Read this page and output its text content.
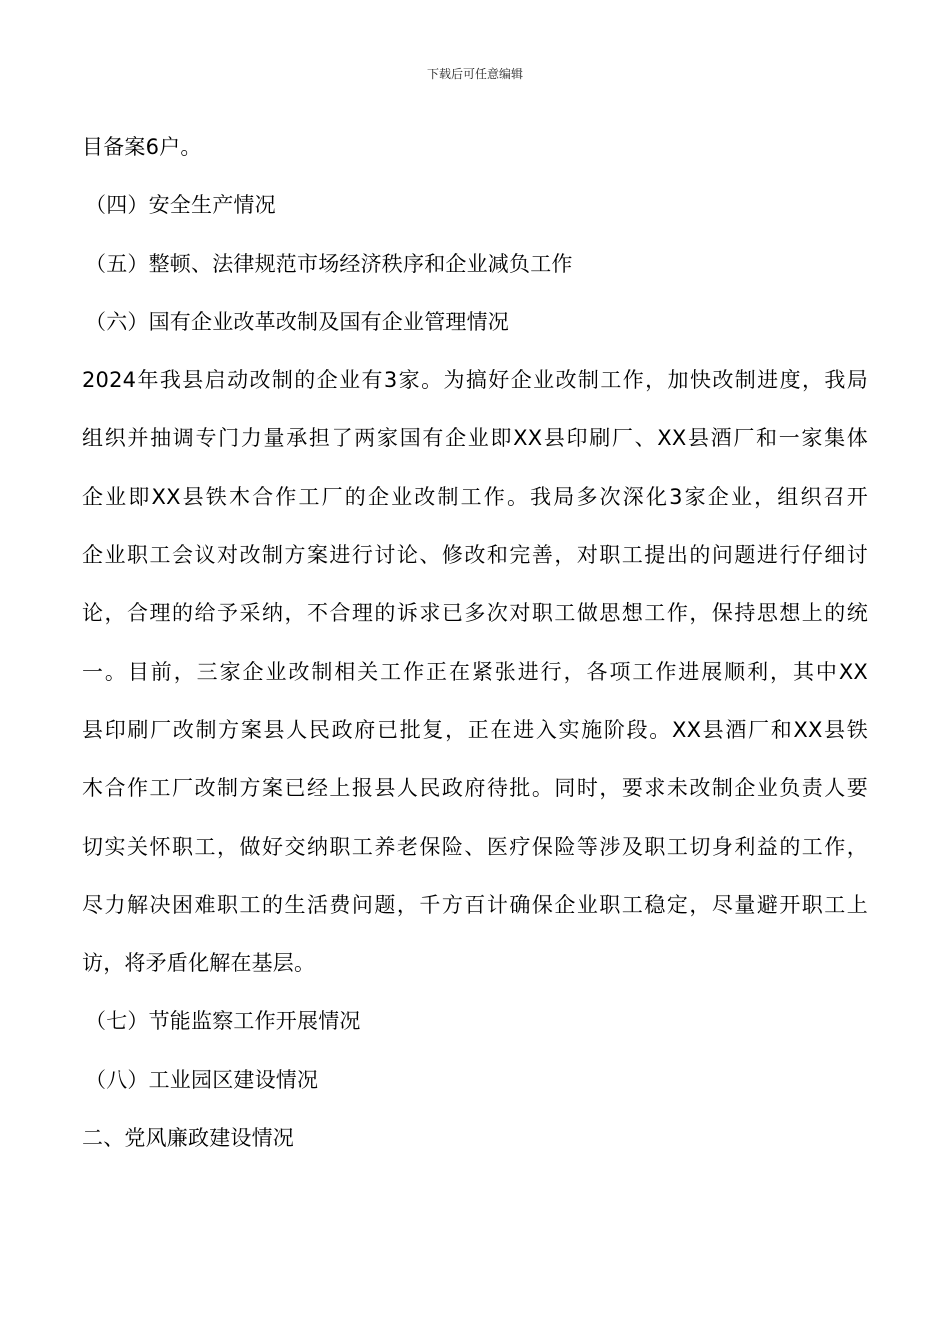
下载后可任意编辑

目备案6户。

（四）安全生产情况

（五）整顿、法律规范市场经济秩序和企业减负工作

（六）国有企业改革改制及国有企业管理情况

2024年我县启动改制的企业有3家。为搞好企业改制工作，加快改制进度，我局
组织并抽调专门力量承担了两家国有企业即XX县印刷厂、XX县酒厂和一家集体
企业即XX县铁木合作工厂的企业改制工作。我局多次深化3家企业，组织召开
企业职工会议对改制方案进行讨论、修改和完善，对职工提出的问题进行仔细讨
论，合理的给予采纳，不合理的诉求已多次对职工做思想工作，保持思想上的统
一。目前，三家企业改制相关工作正在紧张进行，各项工作进展顺利，其中XX
县印刷厂改制方案县人民政府已批复，正在进入实施阶段。XX县酒厂和XX县铁
木合作工厂改制方案已经上报县人民政府待批。同时，要求未改制企业负责人要
切实关怀职工，做好交纳职工养老保险、医疗保险等涉及职工切身利益的工作，
尽力解决困难职工的生活费问题，千方百计确保企业职工稳定，尽量避开职工上
访，将矛盾化解在基层。

（七）节能监察工作开展情况

（八）工业园区建设情况

二、党风廉政建设情况
